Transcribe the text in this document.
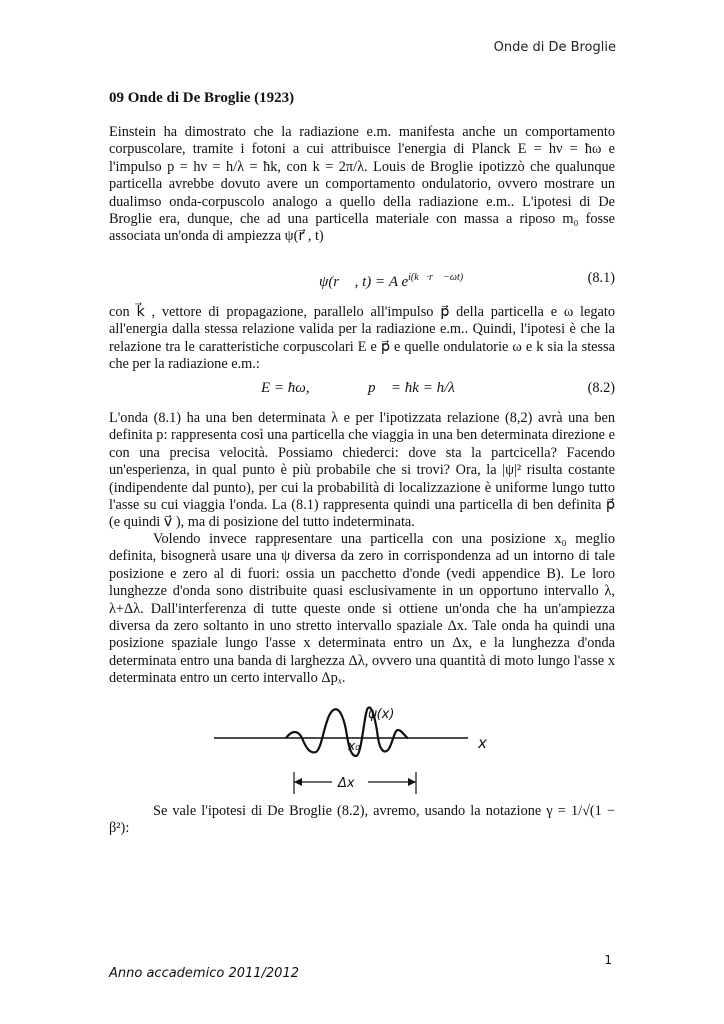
Onde di De Broglie
09 Onde di De Broglie (1923)
Einstein ha dimostrato che la radiazione e.m. manifesta anche un comportamento corpuscolare, tramite i fotoni a cui attribuisce l'energia di Planck E = hν = ħω e l'impulso p = hν = h/λ = ħk, con k = 2π/λ. Louis de Broglie ipotizzò che qualunque particella avrebbe dovuto avere un comportamento ondulatorio, ovvero mostrare un dualimso onda-corpuscolo analogo a quello della radiazione e.m.. L'ipotesi di De Broglie era, dunque, che ad una particella materiale con massa a riposo m₀ fosse associata un'onda di ampiezza ψ(r⃗ , t)
ψ(r⃗ , t) = A $e^{i(k⃗\cdot r⃗ -\omega t)}$	(8.1)
con k⃗ , vettore di propagazione, parallelo all'impulso p⃗ della particella e ω legato all'energia dalla stessa relazione valida per la radiazione e.m.. Quindi, l'ipotesi è che la relazione tra le caratteristiche corpuscolari E e p⃗ e quelle ondulatorie ω e k sia la stessa che per la radiazione e.m.:
E = ħω,	p⃗ = ħk = h/λ	(8.2)
L'onda (8.1) ha una ben determinata λ e per l'ipotizzata relazione (8,2) avrà una ben definita p: rappresenta così una particella che viaggia in una ben determinata direzione e con una precisa velocità. Possiamo chiederci: dove sta la partcicella? Facendo un'esperienza, in qual punto è più probabile che si trovi? Ora, la |ψ|² risulta costante (indipendente dal punto), per cui la probabilità di localizzazione è uniforme lungo tutto l'asse su cui viaggia l'onda. La (8.1) rappresenta quindi una particella di ben definita p⃗ (e quindi v⃗ ), ma di posizione del tutto indeterminata.
Volendo invece rappresentare una particella con una posizione x₀ meglio definita, bisognerà usare una ψ diversa da zero in corrispondenza ad un intorno di tale posizione e zero al di fuori: ossia un pacchetto d'onde (vedi appendice B). Le loro lunghezze d'onda sono distribuite quasi esclusivamente in un opportuno intervallo λ, λ+Δλ. Dall'interferenza di tutte queste onde si ottiene un'onda che ha un'ampiezza diversa da zero soltanto in uno stretto intervallo spaziale Δx. Tale onda ha quindi una posizione spaziale lungo l'asse x determinata entro un Δx, e la lunghezza d'onda determinata entro una banda di larghezza Δλ, ovvero una quantità di moto lungo l'asse x determinata entro un certo intervallo Δpₓ.
ψ(x)
x₀	x
Δx
Se vale l'ipotesi di De Broglie (8.2), avremo, usando la notazione γ = 1/√(1 − β²):
1
Anno accademico 2011/2012
